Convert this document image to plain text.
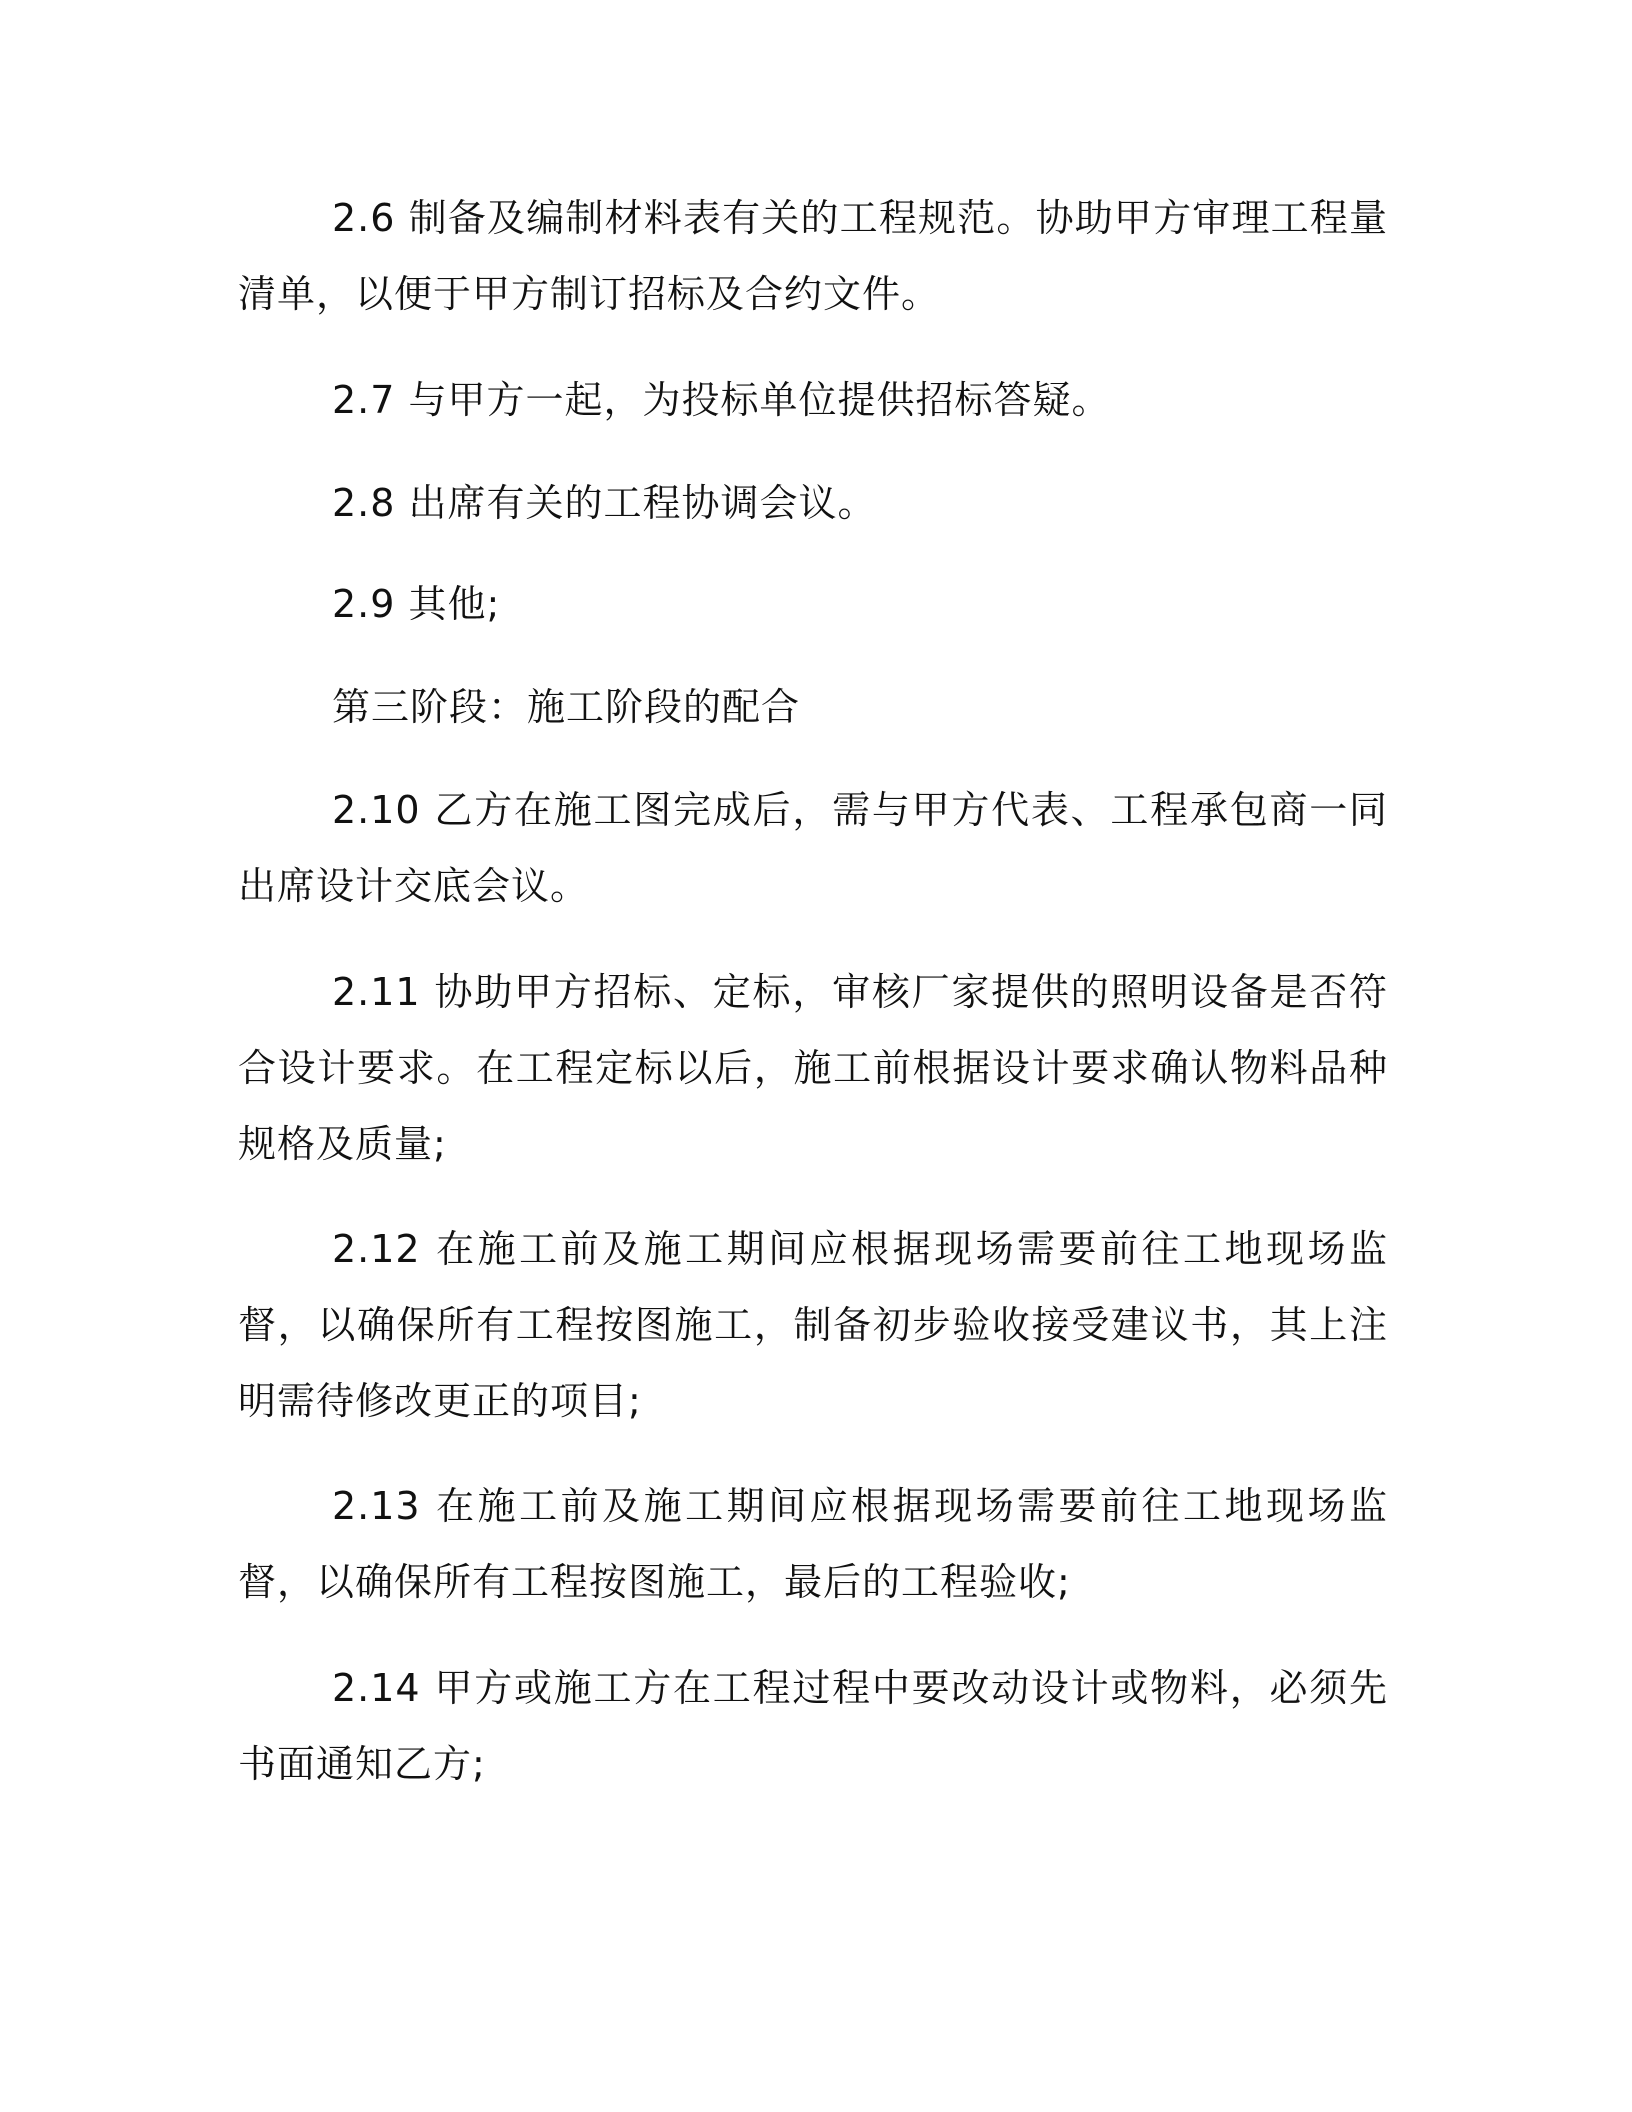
2.6 制备及编制材料表有关的工程规范。协助甲方审理工程量清单，以便于甲方制订招标及合约文件。

2.7 与甲方一起，为投标单位提供招标答疑。

2.8 出席有关的工程协调会议。

2.9 其他;

第三阶段：施工阶段的配合

2.10 乙方在施工图完成后，需与甲方代表、工程承包商一同出席设计交底会议。

2.11 协助甲方招标、定标，审核厂家提供的照明设备是否符合设计要求。在工程定标以后，施工前根据设计要求确认物料品种规格及质量;

2.12 在施工前及施工期间应根据现场需要前往工地现场监督，以确保所有工程按图施工，制备初步验收接受建议书，其上注明需待修改更正的项目;

2.13 在施工前及施工期间应根据现场需要前往工地现场监督，以确保所有工程按图施工，最后的工程验收;

2.14 甲方或施工方在工程过程中要改动设计或物料，必须先书面通知乙方;
